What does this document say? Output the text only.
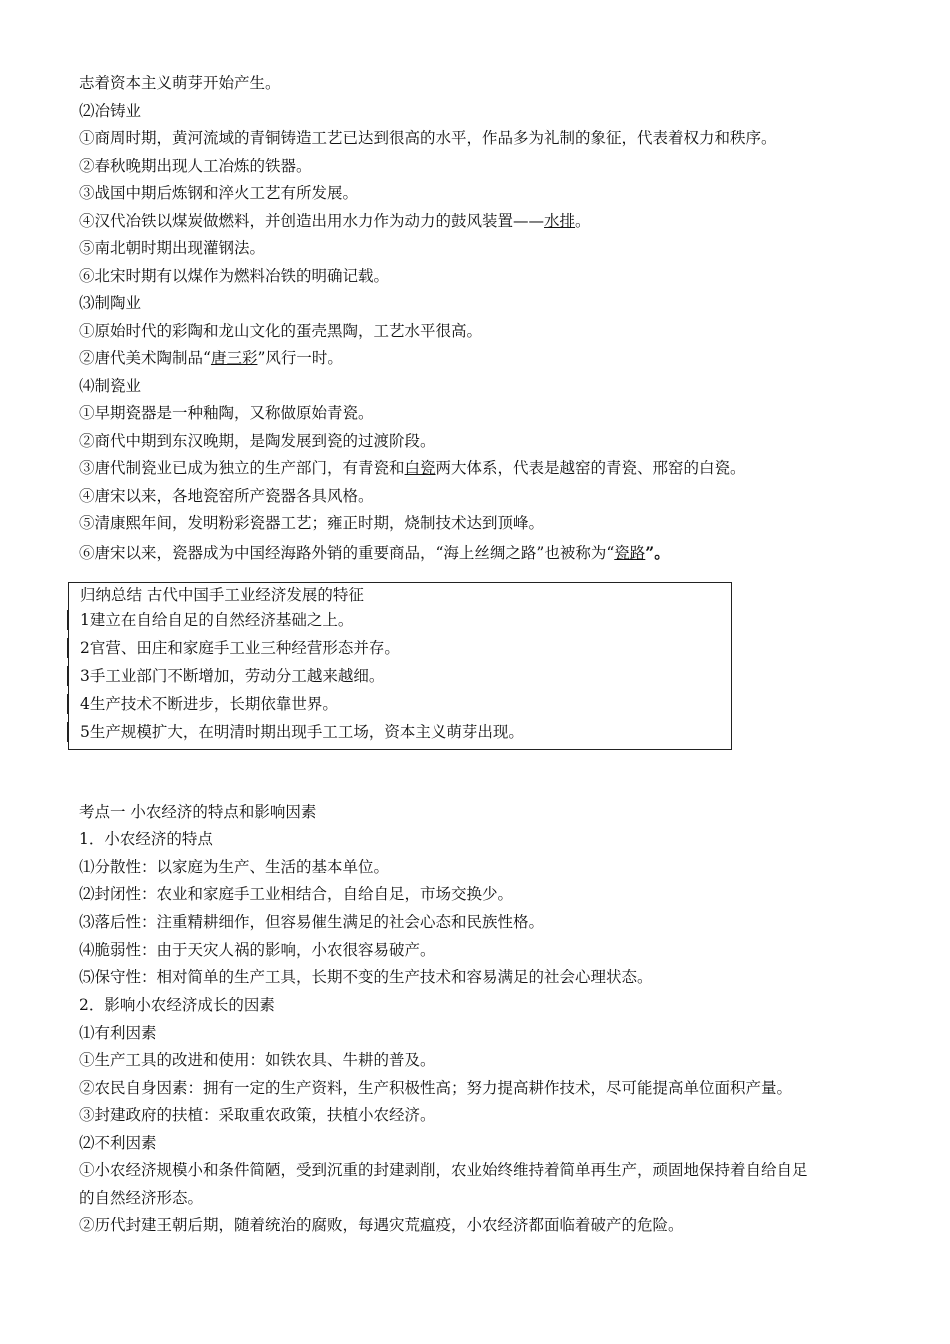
志着资本主义萌芽开始产生。
⑵冶铸业
①商周时期，黄河流域的青铜铸造工艺已达到很高的水平，作品多为礼制的象征，代表着权力和秩序。
②春秋晚期出现人工冶炼的铁器。
③战国中期后炼钢和淬火工艺有所发展。
④汉代冶铁以煤炭做燃料，并创造出用水力作为动力的鼓风装置——水排。
⑤南北朝时期出现灌钢法。
⑥北宋时期有以煤作为燃料冶铁的明确记载。
⑶制陶业
①原始时代的彩陶和龙山文化的蛋壳黑陶，工艺水平很高。
②唐代美术陶制品“唐三彩”风行一时。
⑷制瓷业
①早期瓷器是一种釉陶，又称做原始青瓷。
②商代中期到东汉晚期，是陶发展到瓷的过渡阶段。
③唐代制瓷业已成为独立的生产部门，有青瓷和白瓷两大体系，代表是越窑的青瓷、邢窑的白瓷。
④唐宋以来，各地瓷窑所产瓷器各具风格。
⑤清康熙年间，发明粉彩瓷器工艺；雍正时期，烧制技术达到顶峰。
⑥唐宋以来，瓷器成为中国经海路外销的重要商品，“海上丝绸之路”也被称为“瓷路”。
归纳总结 古代中国手工业经济发展的特征
1建立在自给自足的自然经济基础之上。
2官营、田庄和家庭手工业三种经营形态并存。
3手工业部门不断增加，劳动分工越来越细。
4生产技术不断进步，长期依靠世界。
5生产规模扩大，在明清时期出现手工工场，资本主义萌芽出现。
考点一 小农经济的特点和影响因素
1．小农经济的特点
⑴分散性：以家庭为生产、生活的基本单位。
⑵封闭性：农业和家庭手工业相结合，自给自足，市场交换少。
⑶落后性：注重精耕细作，但容易催生满足的社会心态和民族性格。
⑷脆弱性：由于天灾人祸的影响，小农很容易破产。
⑸保守性：相对简单的生产工具，长期不变的生产技术和容易满足的社会心理状态。
2．影响小农经济成长的因素
⑴有利因素
①生产工具的改进和使用：如铁农具、牛耕的普及。
②农民自身因素：拥有一定的生产资料，生产积极性高；努力提高耕作技术，尽可能提高单位面积产量。
③封建政府的扶植：采取重农政策，扶植小农经济。
⑵不利因素
①小农经济规模小和条件简陋，受到沉重的封建剥削，农业始终维持着简单再生产，顽固地保持着自给自足
的自然经济形态。
②历代封建王朝后期，随着统治的腐败，每遇灾荒瘟疫，小农经济都面临着破产的危险。
